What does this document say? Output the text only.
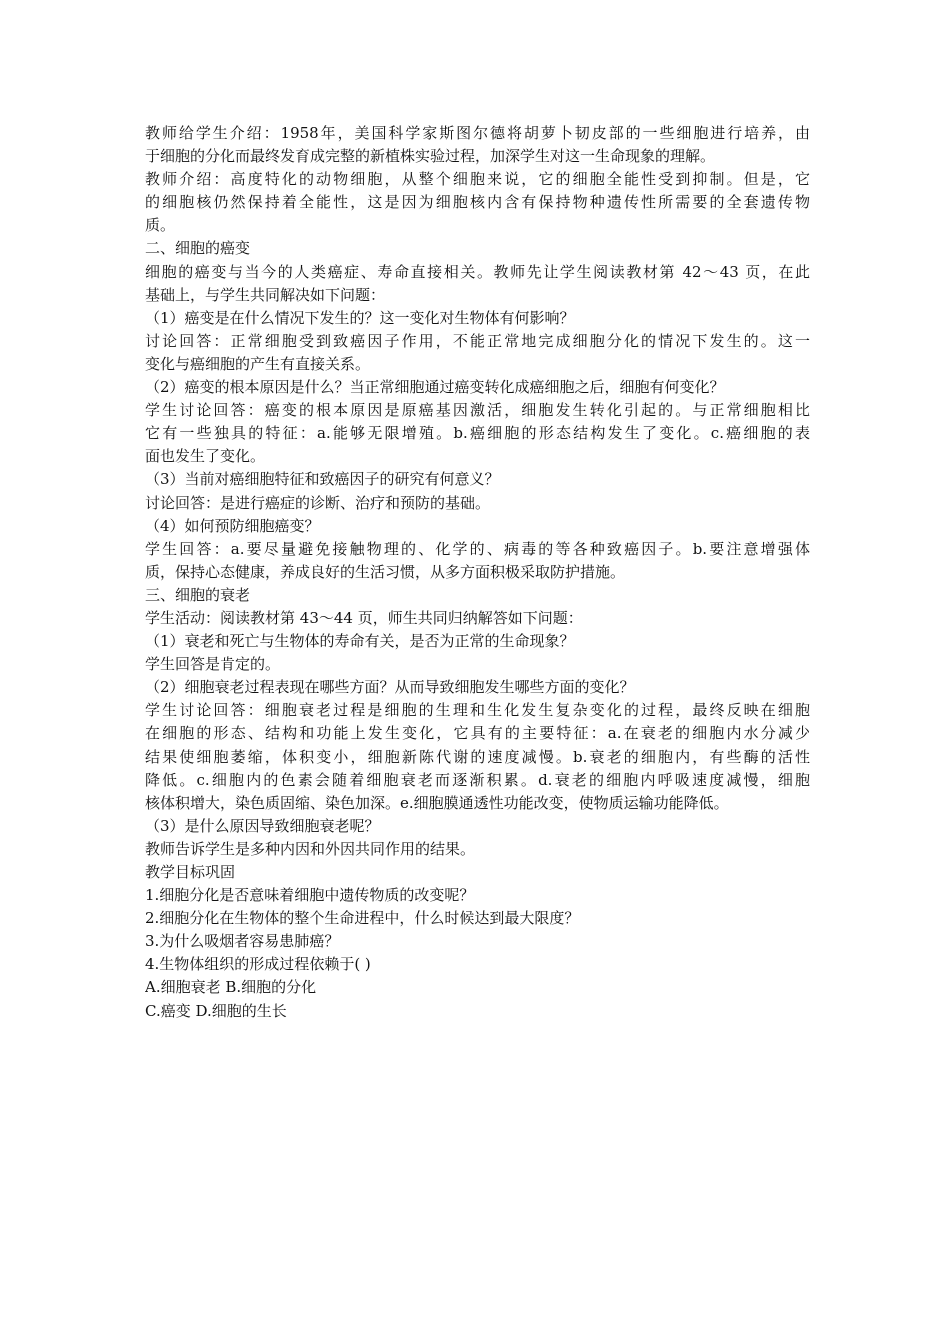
教师给学生介绍：1958年，美国科学家斯图尔德将胡萝卜韧皮部的一些细胞进行培养，由
于细胞的分化而最终发育成完整的新植株实验过程，加深学生对这一生命现象的理解。
教师介绍：高度特化的动物细胞，从整个细胞来说，它的细胞全能性受到抑制。但是，它
的细胞核仍然保持着全能性，这是因为细胞核内含有保持物种遗传性所需要的全套遗传物
质。
二、细胞的癌变
细胞的癌变与当今的人类癌症、寿命直接相关。教师先让学生阅读教材第 42～43 页，在此
基础上，与学生共同解决如下问题：
（1）癌变是在什么情况下发生的？这一变化对生物体有何影响？
讨论回答：正常细胞受到致癌因子作用，不能正常地完成细胞分化的情况下发生的。这一
变化与癌细胞的产生有直接关系。
（2）癌变的根本原因是什么？当正常细胞通过癌变转化成癌细胞之后，细胞有何变化？
学生讨论回答：癌变的根本原因是原癌基因激活，细胞发生转化引起的。与正常细胞相比
它有一些独具的特征：a.能够无限增殖。b.癌细胞的形态结构发生了变化。c.癌细胞的表
面也发生了变化。
（3）当前对癌细胞特征和致癌因子的研究有何意义？
讨论回答：是进行癌症的诊断、治疗和预防的基础。
（4）如何预防细胞癌变？
学生回答：a.要尽量避免接触物理的、化学的、病毒的等各种致癌因子。b.要注意增强体
质，保持心态健康，养成良好的生活习惯，从多方面积极采取防护措施。
三、细胞的衰老
学生活动：阅读教材第 43～44 页，师生共同归纳解答如下问题：
（1）衰老和死亡与生物体的寿命有关，是否为正常的生命现象？
学生回答是肯定的。
（2）细胞衰老过程表现在哪些方面？从而导致细胞发生哪些方面的变化？
学生讨论回答：细胞衰老过程是细胞的生理和生化发生复杂变化的过程，最终反映在细胞
在细胞的形态、结构和功能上发生变化，它具有的主要特征：a.在衰老的细胞内水分减少
结果使细胞萎缩，体积变小，细胞新陈代谢的速度减慢。b.衰老的细胞内，有些酶的活性
降低。c.细胞内的色素会随着细胞衰老而逐渐积累。d.衰老的细胞内呼吸速度减慢，细胞
核体积增大，染色质固缩、染色加深。e.细胞膜通透性功能改变，使物质运输功能降低。
（3）是什么原因导致细胞衰老呢？
教师告诉学生是多种内因和外因共同作用的结果。
教学目标巩固
1.细胞分化是否意味着细胞中遗传物质的改变呢？
2.细胞分化在生物体的整个生命进程中，什么时候达到最大限度？
3.为什么吸烟者容易患肺癌？
4.生物体组织的形成过程依赖于( )
A.细胞衰老 B.细胞的分化
C.癌变 D.细胞的生长
